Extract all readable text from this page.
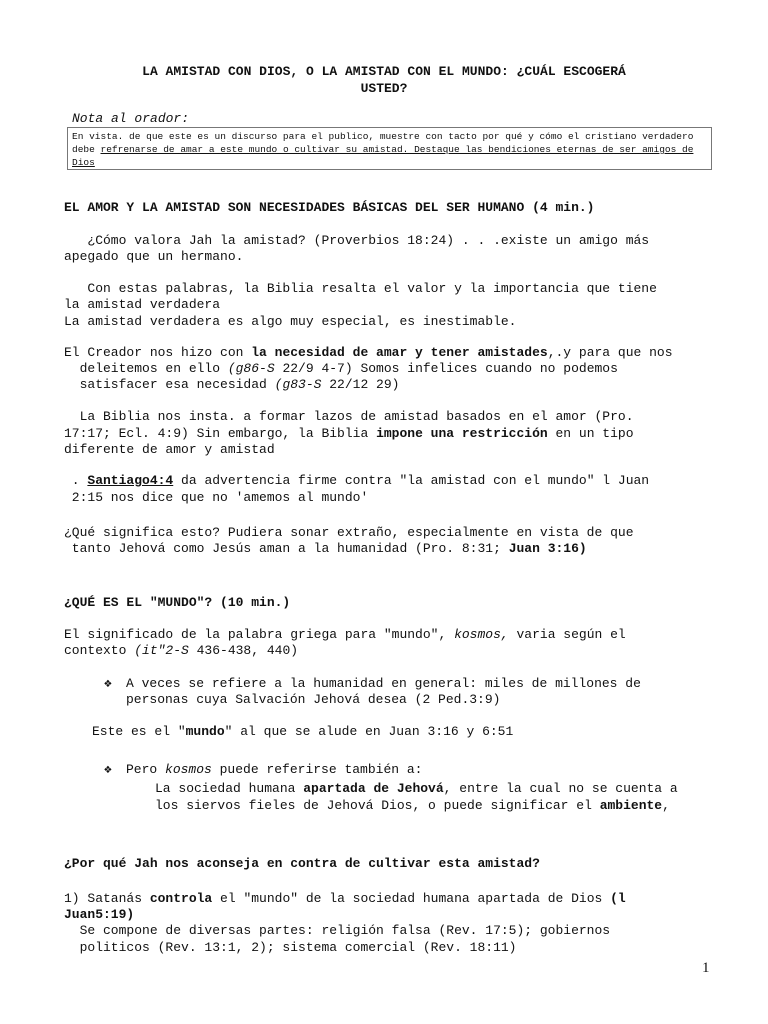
LA AMISTAD CON DIOS, O LA AMISTAD CON EL MUNDO: ¿CUÁL ESCOGERÁ
USTED?
Nota al orador:
En vista. de que este es un discurso para el publico, muestre con tacto por qué y cómo el cristiano verdadero debe refrenarse de amar a este mundo o cultivar su amistad. Destaque las bendiciones eternas de ser amigos de Dios
EL AMOR Y LA AMISTAD SON NECESIDADES BÁSICAS DEL SER HUMANO (4 min.)
¿Cómo valora Jah la amistad? (Proverbios 18:24) . . .existe un amigo más
apegado que un hermano.
Con estas palabras, la Biblia resalta el valor y la importancia que tiene
la amistad verdadera
La amistad verdadera es algo muy especial, es inestimable.
El Creador nos hizo con la necesidad de amar y tener amistades,.y para que nos
deleitemos en ello (g86-S 22/9 4-7) Somos infelices cuando no podemos
satisfacer esa necesidad (g83-S 22/12 29)
La Biblia nos insta. a formar lazos de amistad basados en el amor (Pro.
17:17; Ecl. 4:9) Sin embargo, la Biblia impone una restricción en un tipo
diferente de amor y amistad
. Santiago4:4 da advertencia firme contra "la amistad con el mundo" l Juan
2:15 nos dice que no 'amemos al mundo'
¿Qué significa esto? Pudiera sonar extraño, especialmente en vista de que
tanto Jehová como Jesús aman a la humanidad (Pro. 8:31; Juan 3:16)
¿QUÉ ES EL "MUNDO"? (10 min.)
El significado de la palabra griega para "mundo", kosmos, varia según el
contexto (it"2-S 436-438, 440)
❖ A veces se refiere a la humanidad en general: miles de millones de
personas cuya Salvación Jehová desea (2 Ped.3:9)
Este es el "mundo" al que se alude en Juan 3:16 y 6:51
❖ Pero kosmos puede referirse también a:
La sociedad humana apartada de Jehová, entre la cual no se cuenta a
los siervos fieles de Jehová Dios, o puede significar el ambiente,
¿Por qué Jah nos aconseja en contra de cultivar esta amistad?
1) Satanás controla el "mundo" de la sociedad humana apartada de Dios (l
Juan5:19)
Se compone de diversas partes: religión falsa (Rev. 17:5); gobiernos
politicos (Rev. 13:1, 2); sistema comercial (Rev. 18:11)
1
